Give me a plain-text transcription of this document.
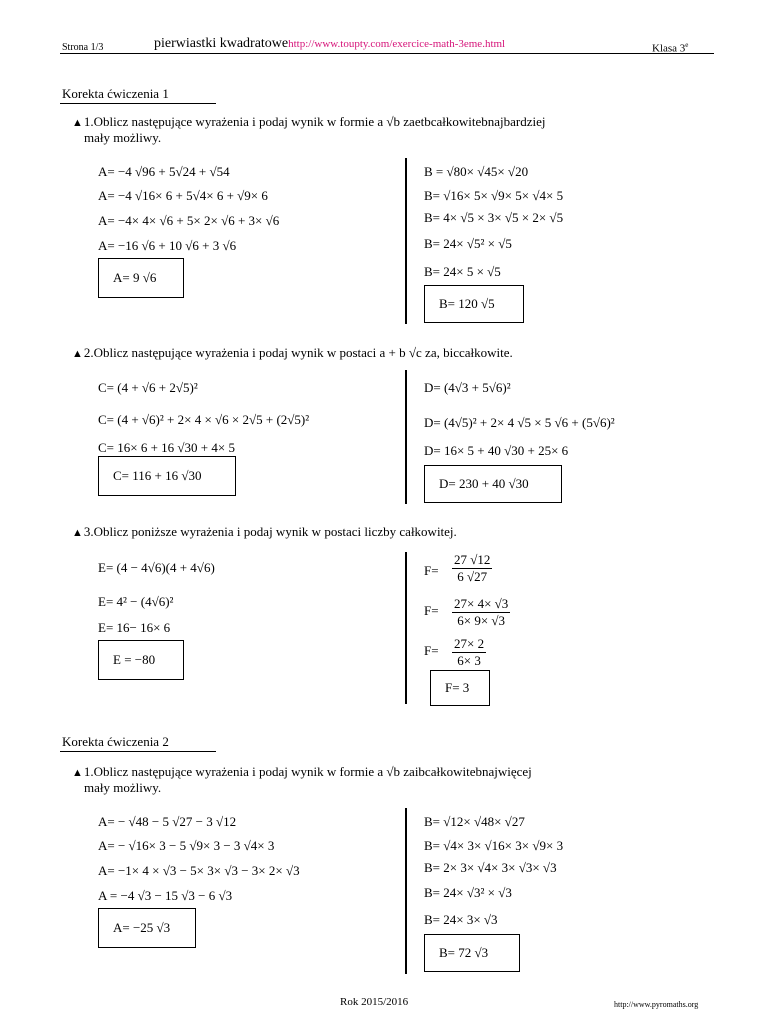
Strona 1/3	pierwiastki kwadratowehttp://www.toupty.com/exercice-math-3eme.html	Klasa 3e
Korekta ćwiczenia 1
▲1.Oblicz następujące wyrażenia i podaj wynik w formie a √b zaetbcałkowitebnajbardziej
mały możliwy.
A= −4 √96 + 5√24 + √54
A= −4 √16× 6 + 5√4× 6 + √9× 6
A= −4× 4× √6 + 5× 2× √6 + 3× √6
A= −16 √6 + 10 √6 + 3 √6
A= 9 √6
B = √80× √45× √20
B= √16× 5× √9× 5× √4× 5
B= 4× √5 × 3× √5 × 2× √5
B= 24× √5² × √5
B= 24× 5 × √5
B= 120 √5
▲2.Oblicz następujące wyrażenia i podaj wynik w postaci a + b √c za, biccałkowite.
C= (4 + √6 + 2√5)²
C= (4 + √6)² + 2× 4 × √6 × 2√5 + (2√5)²
C= 16× 6 + 16 √30 + 4× 5
C= 116 + 16 √30
D= (4√3 + 5√6)²
D= (4√5)² + 2× 4 √5 × 5 √6 + (5√6)²
D= 16× 5 + 40 √30 + 25× 6
D= 230 + 40 √30
▲3.Oblicz poniższe wyrażenia i podaj wynik w postaci liczby całkowitej.
E= (4 − 4√6)(4 + 4√6)
E= 4² − (4√6)²
E= 16− 16× 6
E = −80
$F= \frac{27 √12}{6 √27}$
$F= \frac{27\times 4\times √3}{6\times 9\times √3}$
$F= \frac{27\times 2}{6\times 3}$
F= 3
Korekta ćwiczenia 2
▲1.Oblicz następujące wyrażenia i podaj wynik w formie a √b zaibcałkowitebnajwięcej
mały możliwy.
A= − √48 − 5 √27 − 3 √12
A= − √16× 3 − 5 √9× 3 − 3 √4× 3
A= −1× 4 × √3 − 5× 3× √3 − 3× 2× √3
A = −4 √3 − 15 √3 − 6 √3
A= −25 √3
B= √12× √48× √27
B= √4× 3× √16× 3× √9× 3
B= 2× 3× √4× 3× √3× √3
B= 24× √3² × √3
B= 24× 3× √3
B= 72 √3
Rok 2015/2016	http://www.pyromaths.org
